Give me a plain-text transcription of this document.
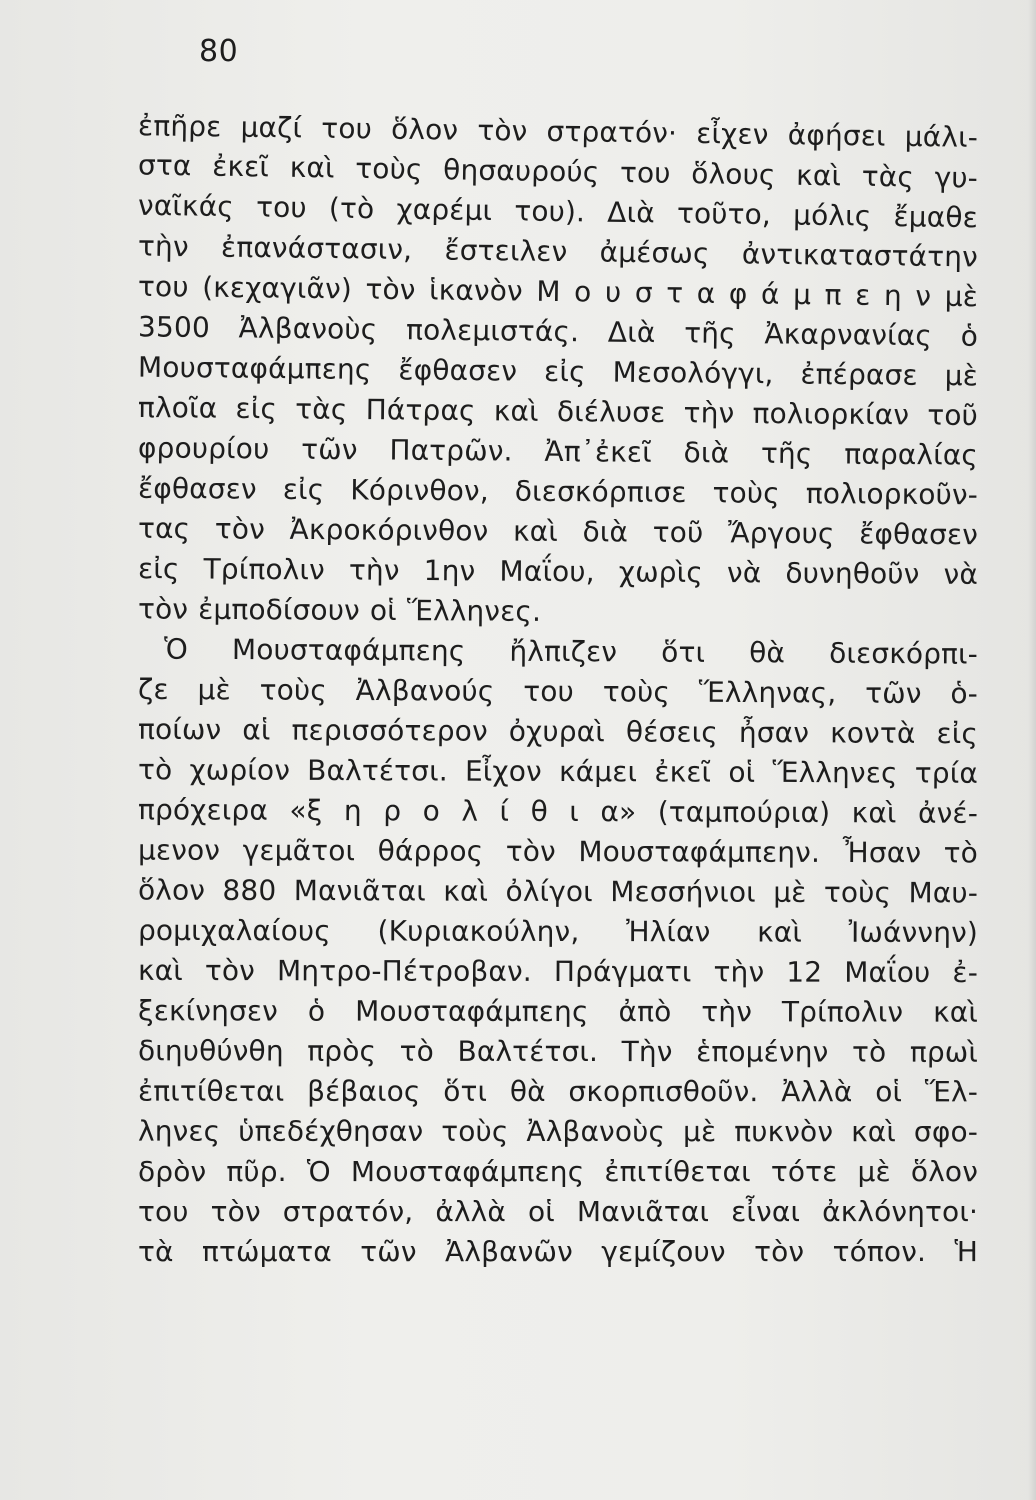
80
ἐπῆρε μαζί του ὅλον τὸν στρατόν· εἶχεν ἀφήσει μάλι-
στα ἐκεῖ καὶ τοὺς θησαυρούς του ὅλους καὶ τὰς γυ-
ναῖκάς του (τὸ χαρέμι του). Διὰ τοῦτο, μόλις ἔμαθε
τὴν ἐπανάστασιν, ἔστειλεν ἀμέσως ἀντικαταστάτην
του (κεχαγιᾶν) τὸν ἱκανὸν Μ ο υ σ τ α φ ά μ π ε η ν μὲ
3500 Ἀλβανοὺς πολεμιστάς. Διὰ τῆς Ἀκαρνανίας ὁ
Μουσταφάμπεης ἔφθασεν εἰς Μεσολόγγι, ἐπέρασε μὲ
πλοῖα εἰς τὰς Πάτρας καὶ διέλυσε τὴν πολιορκίαν τοῦ
φρουρίου τῶν Πατρῶν. Ἀπ᾽ἐκεῖ διὰ τῆς παραλίας
ἔφθασεν εἰς Κόρινθον, διεσκόρπισε τοὺς πολιορκοῦν-
τας τὸν Ἀκροκόρινθον καὶ διὰ τοῦ Ἄργους ἔφθασεν
εἰς Τρίπολιν τὴν 1ην Μαΐου, χωρὶς νὰ δυνηθοῦν νὰ
τὸν ἐμποδίσουν οἱ Ἕλληνες.
Ὁ Μουσταφάμπεης ἤλπιζεν ὅτι θὰ διεσκόρπι-
ζε μὲ τοὺς Ἀλβανούς του τοὺς Ἕλληνας, τῶν ὁ-
ποίων αἱ περισσότερον ὀχυραὶ θέσεις ἦσαν κοντὰ εἰς
τὸ χωρίον Βαλτέτσι. Εἶχον κάμει ἐκεῖ οἱ Ἕλληνες τρία
πρόχειρα «ξ η ρ ο λ ί θ ι α» (ταμπούρια) καὶ ἀνέ-
μενον γεμᾶτοι θάρρος τὸν Μουσταφάμπεην. Ἦσαν τὸ
ὅλον 880 Μανιᾶται καὶ ὀλίγοι Μεσσήνιοι μὲ τοὺς Μαυ-
ρομιχαλαίους (Κυριακούλην, Ἠλίαν καὶ Ἰωάννην)
καὶ τὸν Μητρο-Πέτροβαν. Πράγματι τὴν 12 Μαΐου ἐ-
ξεκίνησεν ὁ Μουσταφάμπεης ἀπὸ τὴν Τρίπολιν καὶ
διηυθύνθη πρὸς τὸ Βαλτέτσι. Τὴν ἑπομένην τὸ πρωὶ
ἐπιτίθεται βέβαιος ὅτι θὰ σκορπισθοῦν. Ἀλλὰ οἱ Ἕλ-
ληνες ὑπεδέχθησαν τοὺς Ἀλβανοὺς μὲ πυκνὸν καὶ σφο-
δρὸν πῦρ. Ὁ Μουσταφάμπεης ἐπιτίθεται τότε μὲ ὅλον
του τὸν στρατόν, ἀλλὰ οἱ Μανιᾶται εἶναι ἀκλόνητοι·
τὰ πτώματα τῶν Ἀλβανῶν γεμίζουν τὸν τόπον. Ἡ
